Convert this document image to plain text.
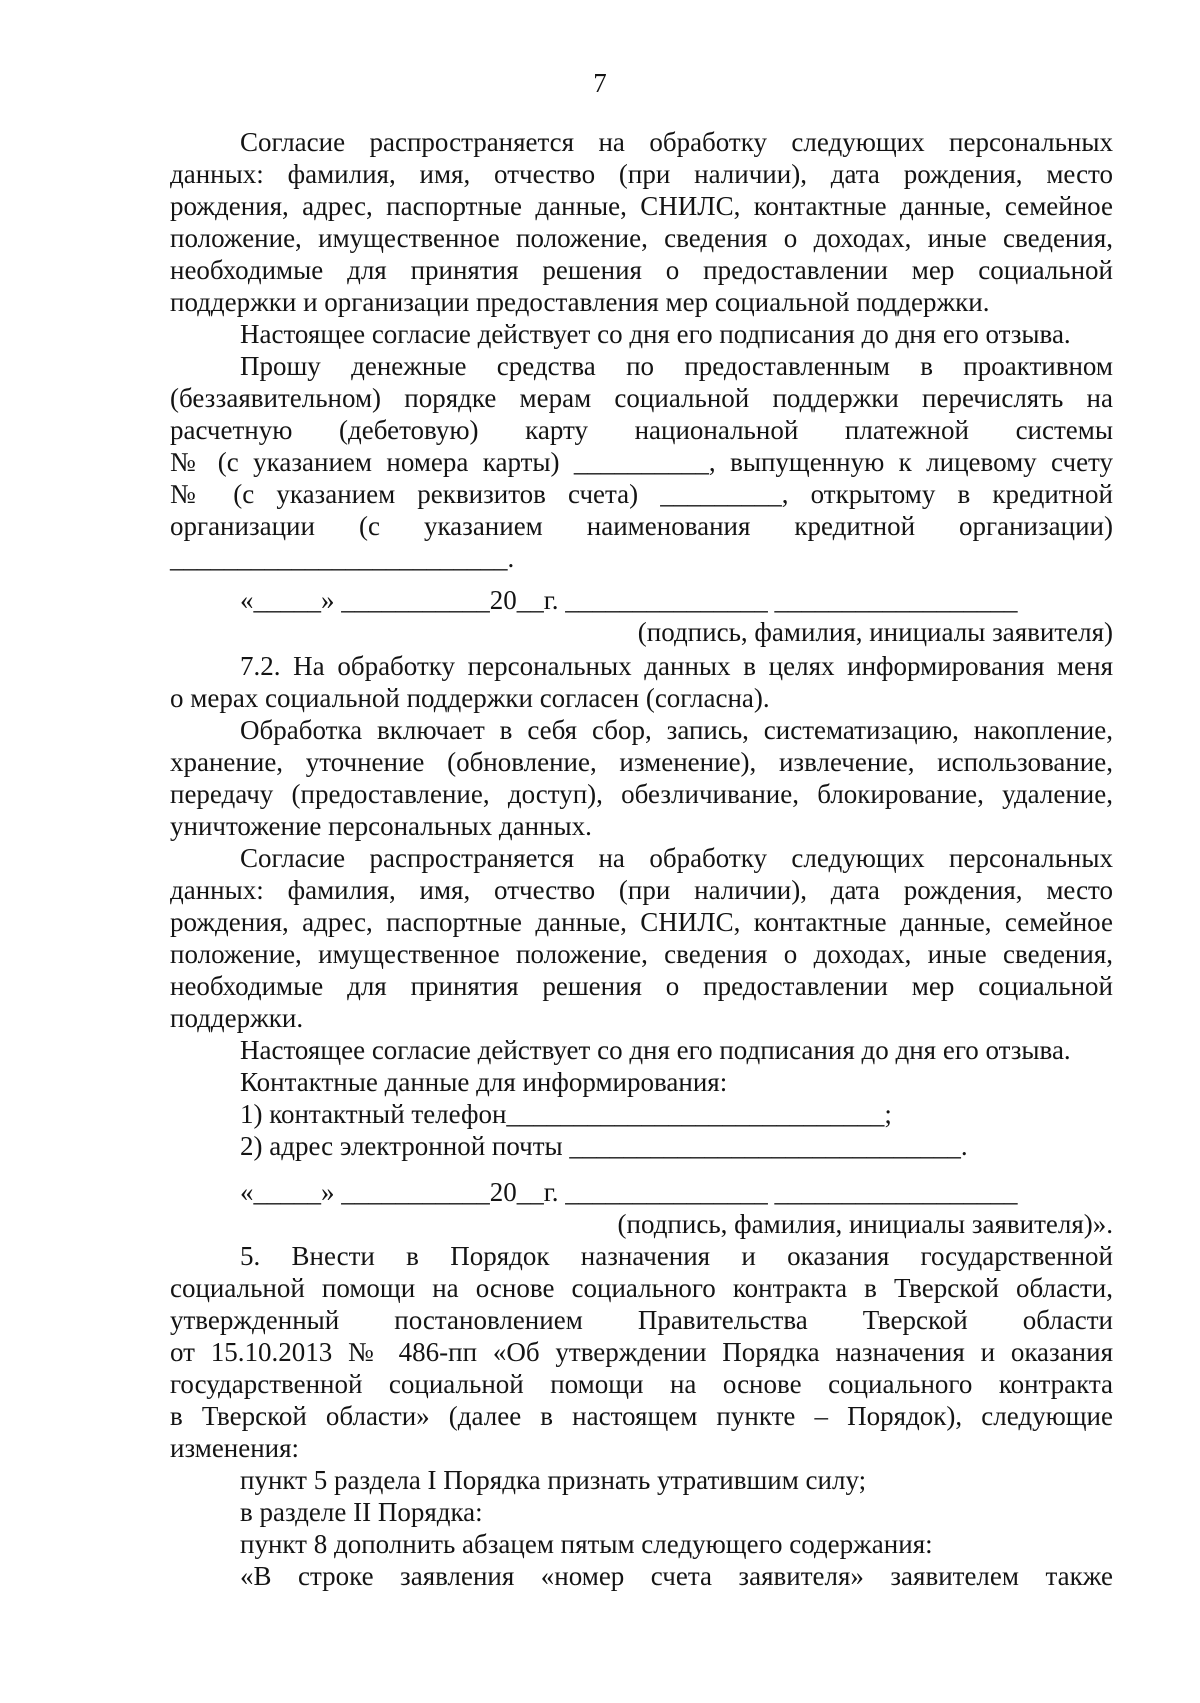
7
Согласие распространяется на обработку следующих персональных
данных: фамилия, имя, отчество (при наличии), дата рождения, место
рождения, адрес, паспортные данные, СНИЛС, контактные данные, семейное
положение, имущественное положение, сведения о доходах, иные сведения,
необходимые для принятия решения о предоставлении мер социальной
поддержки и организации предоставления мер социальной поддержки.
Настоящее согласие действует со дня его подписания до дня его отзыва.
Прошу денежные средства по предоставленным в проактивном
(беззаявительном) порядке мерам социальной поддержки перечислять на
расчетную (дебетовую) карту национальной платежной системы
№ (с указанием номера карты) __________, выпущенную к лицевому счету
№ (с указанием реквизитов счета) _________, открытому в кредитной
организации (с указанием наименования кредитной организации)
_________________________.
«_____» ___________20__г. _______________ __________________
(подпись, фамилия, инициалы заявителя)
7.2. На обработку персональных данных в целях информирования меня
о мерах социальной поддержки согласен (согласна).
Обработка включает в себя сбор, запись, систематизацию, накопление,
хранение, уточнение (обновление, изменение), извлечение, использование,
передачу (предоставление, доступ), обезличивание, блокирование, удаление,
уничтожение персональных данных.
Согласие распространяется на обработку следующих персональных
данных: фамилия, имя, отчество (при наличии), дата рождения, место
рождения, адрес, паспортные данные, СНИЛС, контактные данные, семейное
положение, имущественное положение, сведения о доходах, иные сведения,
необходимые для принятия решения о предоставлении мер социальной
поддержки.
Настоящее согласие действует со дня его подписания до дня его отзыва.
Контактные данные для информирования:
1) контактный телефон____________________________;
2) адрес электронной почты _____________________________.
«_____» ___________20__г. _______________ __________________
(подпись, фамилия, инициалы заявителя)».
5. Внести в Порядок назначения и оказания государственной
социальной помощи на основе социального контракта в Тверской области,
утвержденный постановлением Правительства Тверской области
от 15.10.2013 № 486-пп «Об утверждении Порядка назначения и оказания
государственной социальной помощи на основе социального контракта
в Тверской области» (далее в настоящем пункте – Порядок), следующие
изменения:
пункт 5 раздела I Порядка признать утратившим силу;
в разделе II Порядка:
пункт 8 дополнить абзацем пятым следующего содержания:
«В строке заявления «номер счета заявителя» заявителем также
